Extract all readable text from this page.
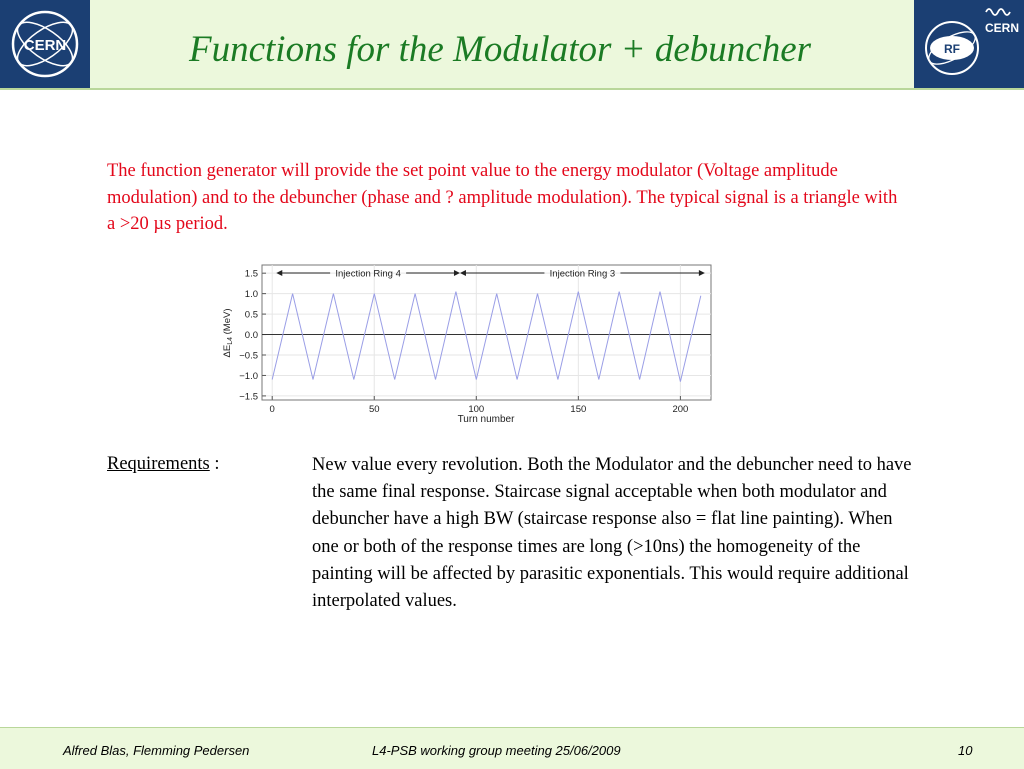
CERN	Functions for the Modulator + debuncher	RF
CERN
The function generator will provide the set point value to the energy modulator (Voltage amplitude modulation) and to the debuncher (phase and ? amplitude modulation). The typical signal is a triangle with a >20 µs period.
1.5
1.0
0.5
0.0
−0.5
−1.0
−1.5
0	50	100	150	200
Injection Ring 4	Injection Ring 3
Turn number
$\Delta E_{L4}$ (MeV)
Requirements :	New value every revolution. Both the Modulator and the debuncher need to have the same final response. Staircase signal acceptable when both modulator and debuncher have a high BW (staircase response also = flat line painting). When one or both of the response times are long (>10ns) the homogeneity of the painting will be affected by parasitic exponentials. This would require additional interpolated values.
Alfred Blas, Flemming Pedersen	L4-PSB working group meeting 25/06/2009	10
